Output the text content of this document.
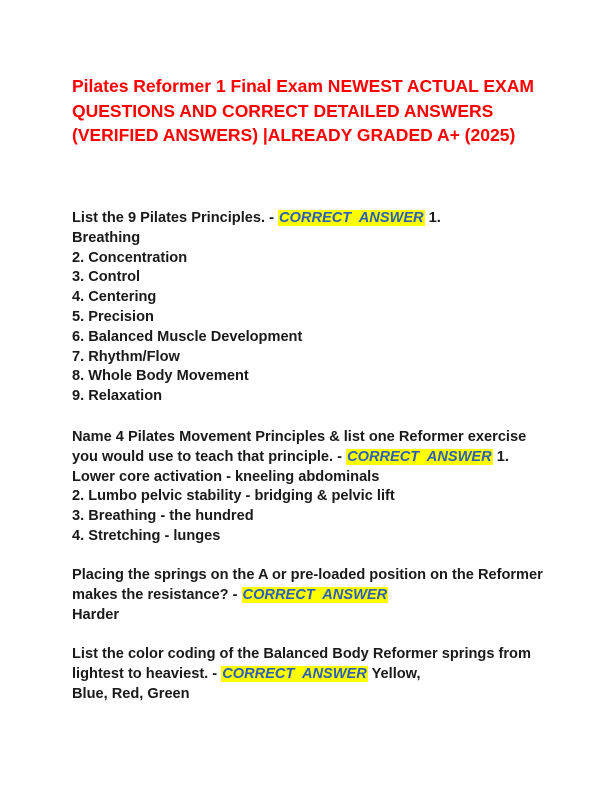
Pilates Reformer 1 Final Exam NEWEST ACTUAL EXAM QUESTIONS AND CORRECT DETAILED ANSWERS (VERIFIED ANSWERS) |ALREADY GRADED A+ (2025)

List the 9 Pilates Principles. - CORRECT  ANSWER 1.
Breathing
2. Concentration
3. Control
4. Centering
5. Precision
6. Balanced Muscle Development
7. Rhythm/Flow
8. Whole Body Movement
9. Relaxation

Name 4 Pilates Movement Principles & list one Reformer exercise you would use to teach that principle. - CORRECT  ANSWER 1. Lower core activation - kneeling abdominals
2. Lumbo pelvic stability - bridging & pelvic lift
3. Breathing - the hundred
4. Stretching - lunges

Placing the springs on the A or pre-loaded position on the Reformer makes the resistance? - CORRECT  ANSWER
Harder

List the color coding of the Balanced Body Reformer springs from lightest to heaviest. - CORRECT  ANSWER Yellow,
Blue, Red, Green
